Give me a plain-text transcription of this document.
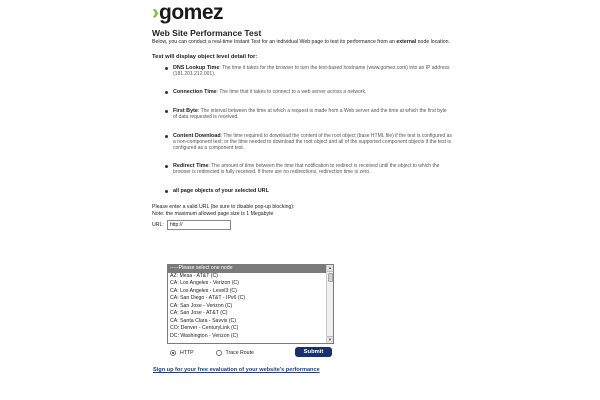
› gomez
Web Site Performance Test
Below, you can conduct a real-time Instant Test for an individual Web page to test its performance from an external node location.
Test will display object level detail for:
DNS Lookup Time: The time it takes for the browser to turn the text-based hostname (www.gomez.com) into an IP address (181.201.212.001).
Connection Time: The time that it takes to connect to a web server across a network.
First Byte: The interval between the time at which a request is made from a Web server and the time at which the first byte of data requested is received.
Content Download: The time required to download the content of the root object (base HTML file) if the test is configured as a non-component test; or the time needed to download the root object and all of the supported component objects if the test is configured as a component test.
Redirect Time: The amount of time between the time that notification to redirect is received until the object to which the browser is redirected is fully received. If there are no redirections, redirection time is zero.
all page objects of your selected URL
Please enter a valid URL (be sure to disable pop-up blocking):
Note: the maximum allowed page size is 1 Megabyte
URL:
http://
-----Please select one node
AZ: Mesa - AT&T (C)
CA: Los Angeles - Verizon (C)
CA: Los Angeles - Level3 (C)
CA: San Diego - AT&T - IPv6 (C)
CA: San Jose - Verizon (C)
CA: San Jose - AT&T (C)
CA: Santa Clara - Savvis (C)
CO: Denver - CenturyLink (C)
DC: Washington - Verizon (C)
▲
▼
HTTP	Trace Route	Submit
Sign up for your free evaluation of your website's performance
